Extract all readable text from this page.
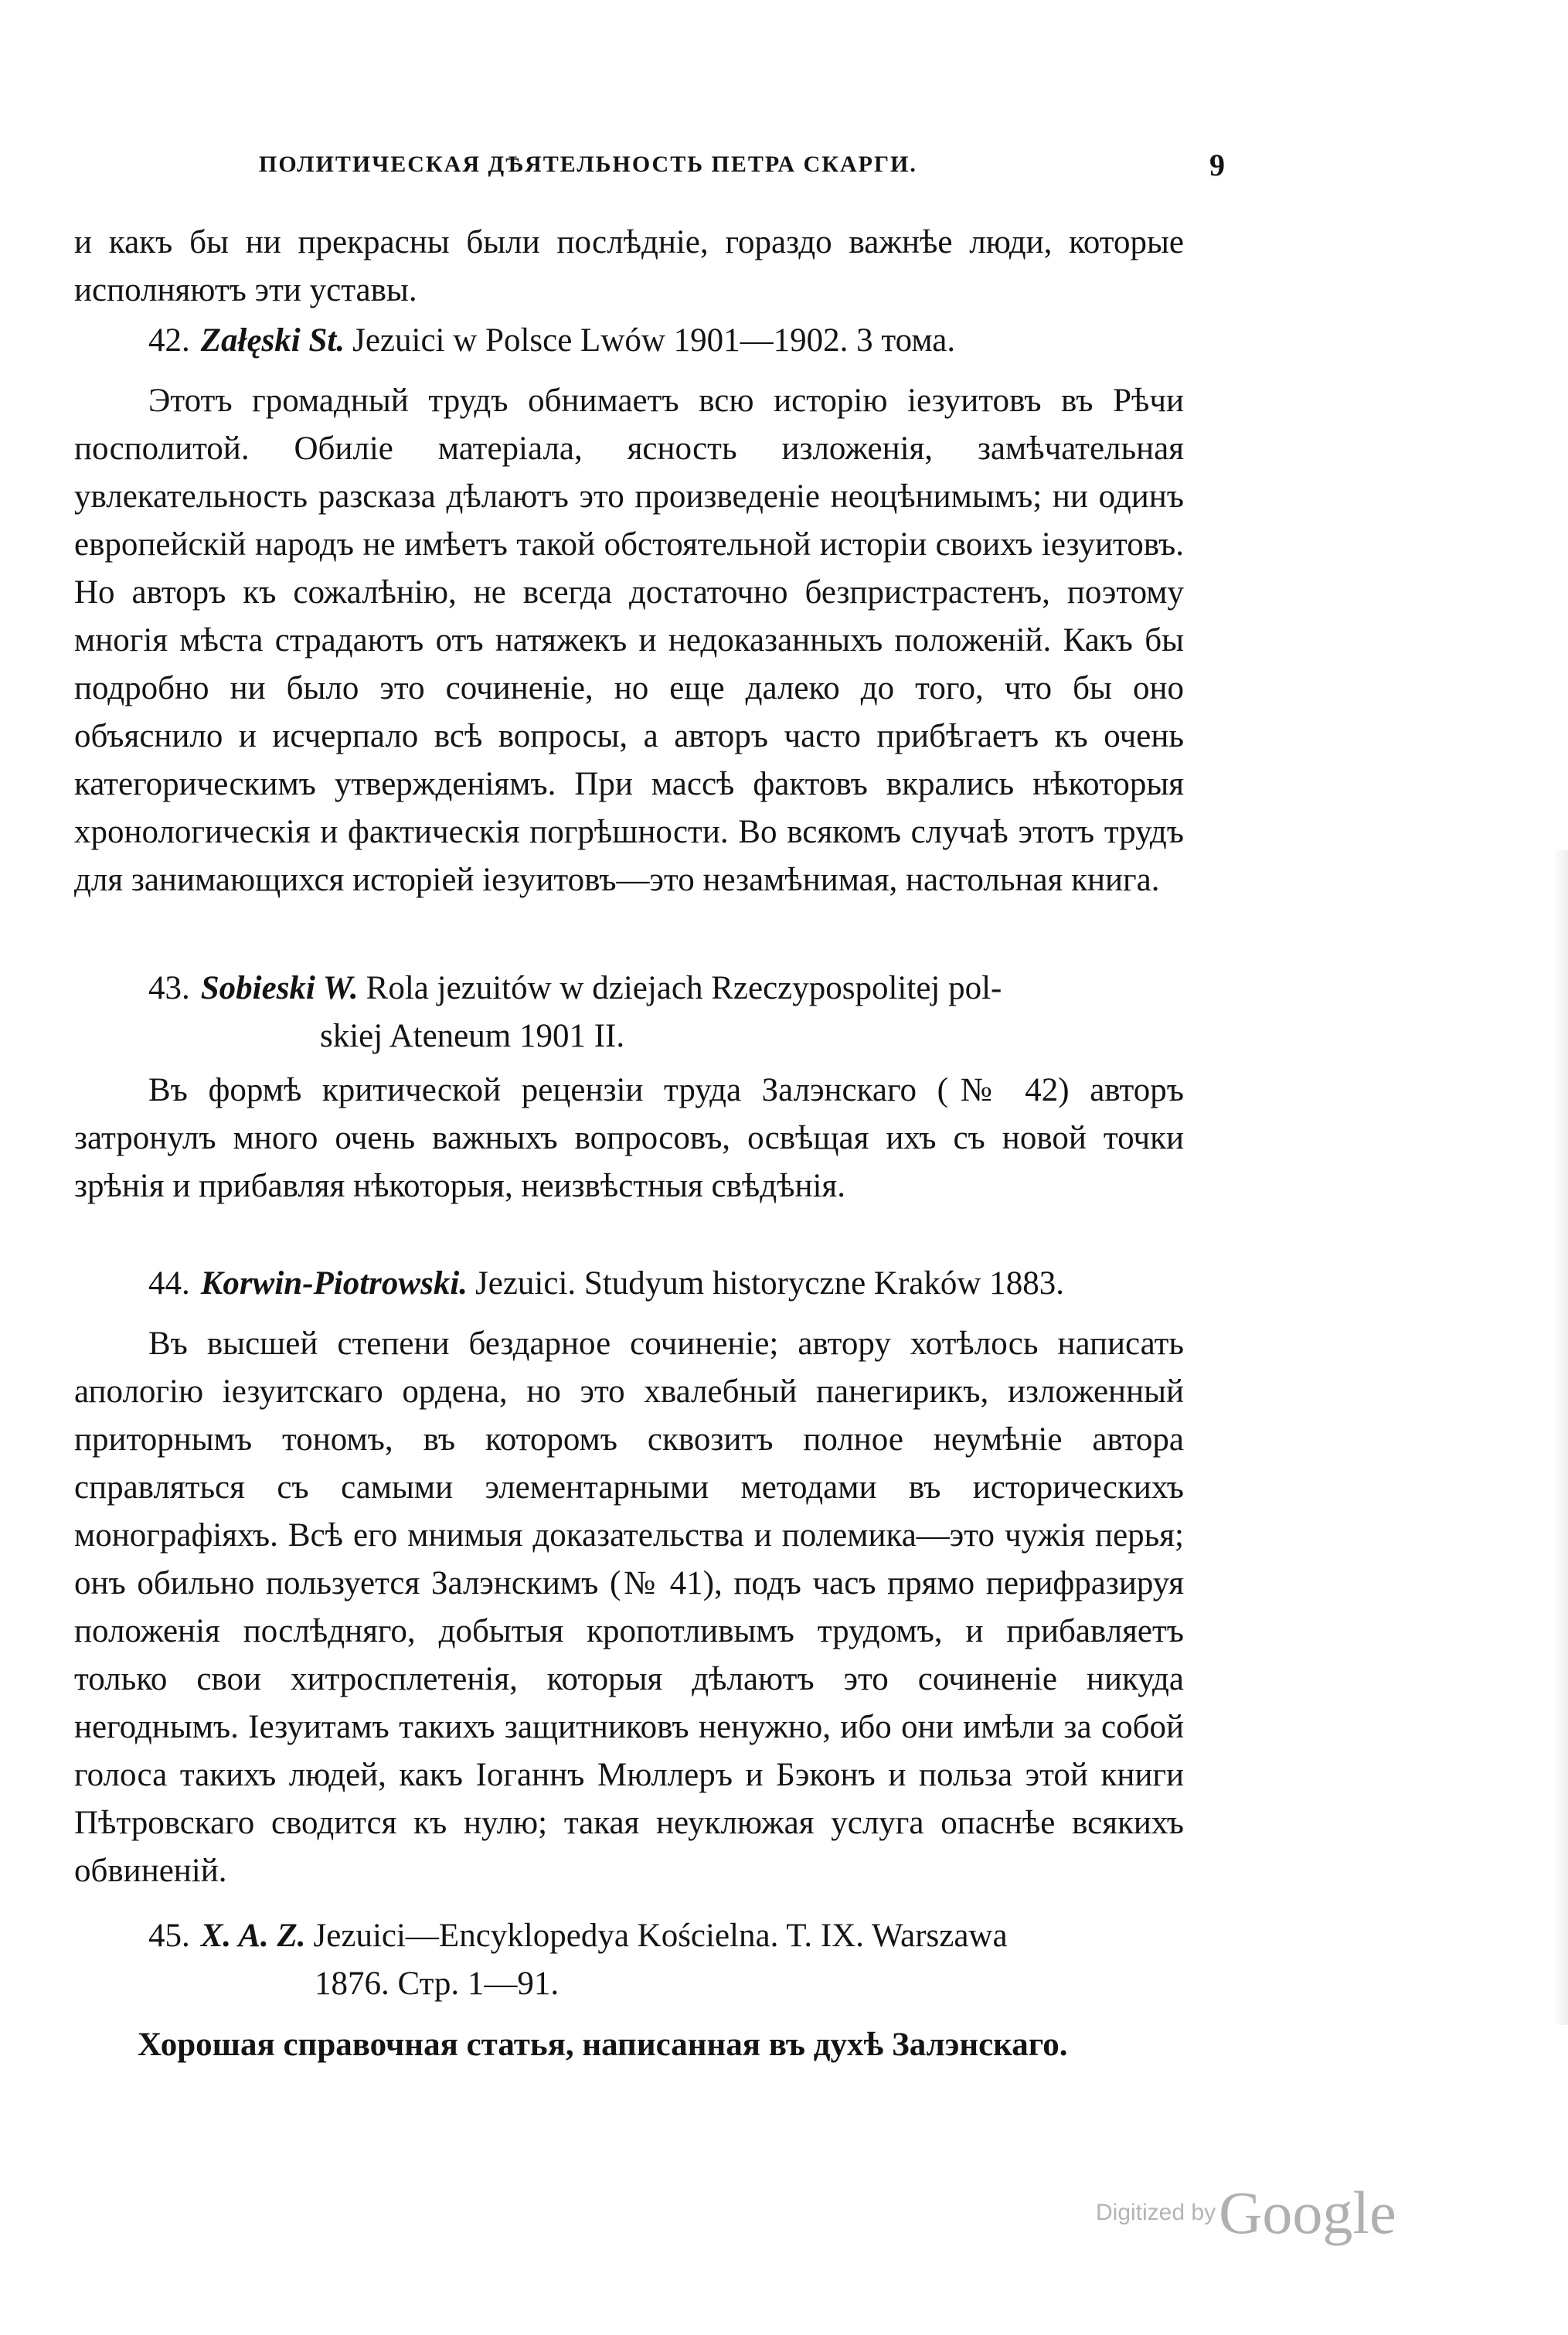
ПОЛИТИЧЕСКАЯ ДѢЯТЕЛЬНОСТЬ ПЕТРА СКАРГИ.	9

и какъ бы ни прекрасны были послѣдніе, гораздо важнѣе люди, которые исполняютъ эти уставы.

42. Załęski St. Jezuici w Polsce Lwów 1901—1902. 3 тома.

Этотъ громадный трудъ обнимаетъ всю исторію іезуитовъ въ Рѣчи посполитой. Обиліе матеріала, ясность изложенія, замѣчательная увлекательность разсказа дѣлаютъ это произведеніе неоцѣнимымъ; ни одинъ европейскій народъ не имѣетъ такой обстоятельной исторіи своихъ іезуитовъ. Но авторъ къ сожалѣнію, не всегда достаточно безпристрастенъ, поэтому многія мѣста страдаютъ отъ натяжекъ и недоказанныхъ положеній. Какъ бы подробно ни было это сочиненіе, но еще далеко до того, что бы оно объяснило и исчерпало всѣ вопросы, а авторъ часто прибѣгаетъ къ очень категорическимъ утвержденіямъ. При массѣ фактовъ вкрались нѣкоторыя хронологическія и фактическія погрѣшности. Во всякомъ случаѣ этотъ трудъ для занимающихся исторіей іезуитовъ—это незамѣнимая, настольная книга.

43. Sobieski W. Rola jezuitów w dziejach Rzeczypospolitej pol-
skiej Ateneum 1901 II.

Въ формѣ критической рецензіи труда Залэнскаго (№ 42) авторъ затронулъ много очень важныхъ вопросовъ, освѣщая ихъ съ новой точки зрѣнія и прибавляя нѣкоторыя, неизвѣстныя свѣдѣнія.

44. Korwin-Piotrowski. Jezuici. Studyum historyczne Kraków 1883.

Въ высшей степени бездарное сочиненіе; автору хотѣлось написать апологію іезуитскаго ордена, но это хвалебный панегирикъ, изложенный приторнымъ тономъ, въ которомъ сквозитъ полное неумѣніе автора справляться съ самыми элементарными методами въ историческихъ монографіяхъ. Всѣ его мнимыя доказательства и полемика—это чужія перья; онъ обильно пользуется Залэнскимъ (№ 41), подъ часъ прямо перифразируя положенія послѣдняго, добытыя кропотливымъ трудомъ, и прибавляетъ только свои хитросплетенія, которыя дѣлаютъ это сочиненіе никуда негоднымъ. Іезуитамъ такихъ защитниковъ ненужно, ибо они имѣли за собой голоса такихъ людей, какъ Іоганнъ Мюллеръ и Бэконъ и польза этой книги Пѣтровскаго сводится къ нулю; такая неуклюжая услуга опаснѣе всякихъ обвиненій.

45. X. A. Z. Jezuici—Encyklopedya Kościelna. T. IX. Warszawa
1876. Стр. 1—91.

Хорошая справочная статья, написанная въ духѣ Залэнскаго.

Digitized by Google
